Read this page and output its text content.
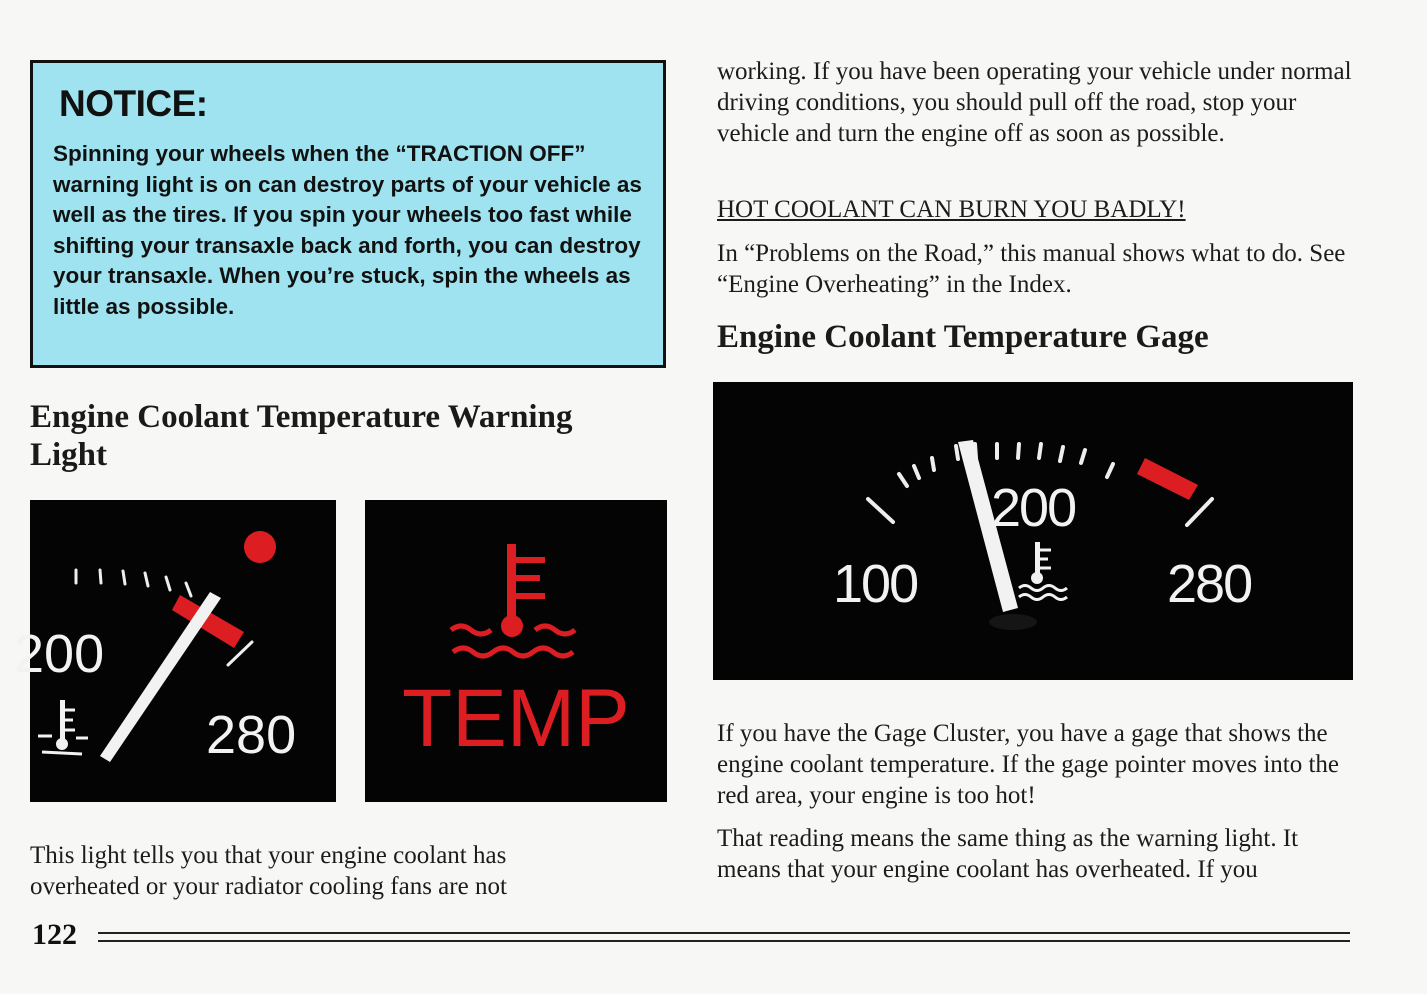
NOTICE:

Spinning your wheels when the “TRACTION OFF” warning light is on can destroy parts of your vehicle as well as the tires. If you spin your wheels too fast while shifting your transaxle back and forth, you can destroy your transaxle. When you’re stuck, spin the wheels as little as possible.

Engine Coolant Temperature Warning Light
200
280 TEMP

This light tells you that your engine coolant has overheated or your radiator cooling fans are not

working. If you have been operating your vehicle under normal driving conditions, you should pull off the road, stop your vehicle and turn the engine off as soon as possible.

HOT COOLANT CAN BURN YOU BADLY!

In “Problems on the Road,” this manual shows what to do. See “Engine Overheating” in the Index.

Engine Coolant Temperature Gage
100
200
280

If you have the Gage Cluster, you have a gage that shows the engine coolant temperature. If the gage pointer moves into the red area, your engine is too hot!

That reading means the same thing as the warning light. It means that your engine coolant has overheated. If you

122
